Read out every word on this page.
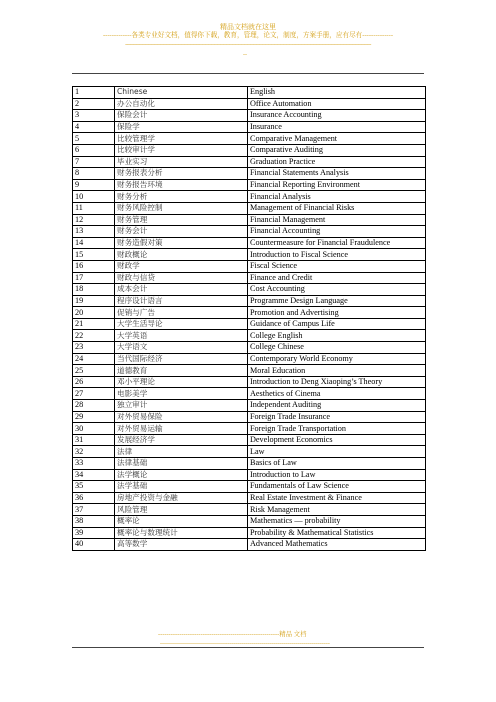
精品文档就在这里
-------------各类专业好文档，值得你下载，教育，管理，论文，制度，方案手册，应有尽有--------------
--------------------------------------------------------------------------------------------------------------------------------------------------------------------
--
1	Chinese	English
2	办公自动化	Office Automation
3	保险会计	Insurance Accounting
4	保险学	Insurance
5	比较管理学	Comparative Management
6	比较审计学	Comparative Auditing
7	毕业实习	Graduation Practice
8	财务报表分析	Financial Statements Analysis
9	财务报告环境	Financial Reporting Environment
10	财务分析	Financial Analysis
11	财务风险控制	Management of Financial Risks
12	财务管理	Financial Management
13	财务会计	Financial Accounting
14	财务造假对策	Countermeasure for Financial Fraudulence
15	财政概论	Introduction to Fiscal Science
16	财政学	Fiscal Science
17	财政与信贷	Finance and Credit
18	成本会计	Cost Accounting
19	程序设计语言	Programme Design Language
20	促销与广告	Promotion and Advertising
21	大学生活导论	Guidance of Campus Life
22	大学英语	College English
23	大学语文	College Chinese
24	当代国际经济	Contemporary World Economy
25	道德教育	Moral Education
26	邓小平理论	Introduction to Deng Xiaoping’s Theory
27	电影美学	Aesthetics of Cinema
28	独立审计	Independent Auditing
29	对外贸易保险	Foreign Trade Insurance
30	对外贸易运输	Foreign Trade Transportation
31	发展经济学	Development Economics
32	法律	Law
33	法律基础	Basics of Law
34	法学概论	Introduction to Law
35	法学基础	Fundamentals of Law Science
36	房地产投资与金融	Real Estate Investment & Finance
37	风险管理	Risk Management
38	概率论	Mathematics — probability
39	概率论与数理统计	Probability & Mathematical Statistics
40	高等数学	Advanced Mathematics
---------------------------------------------------------精品 文档
-------------------------------------------------------------------------------------
